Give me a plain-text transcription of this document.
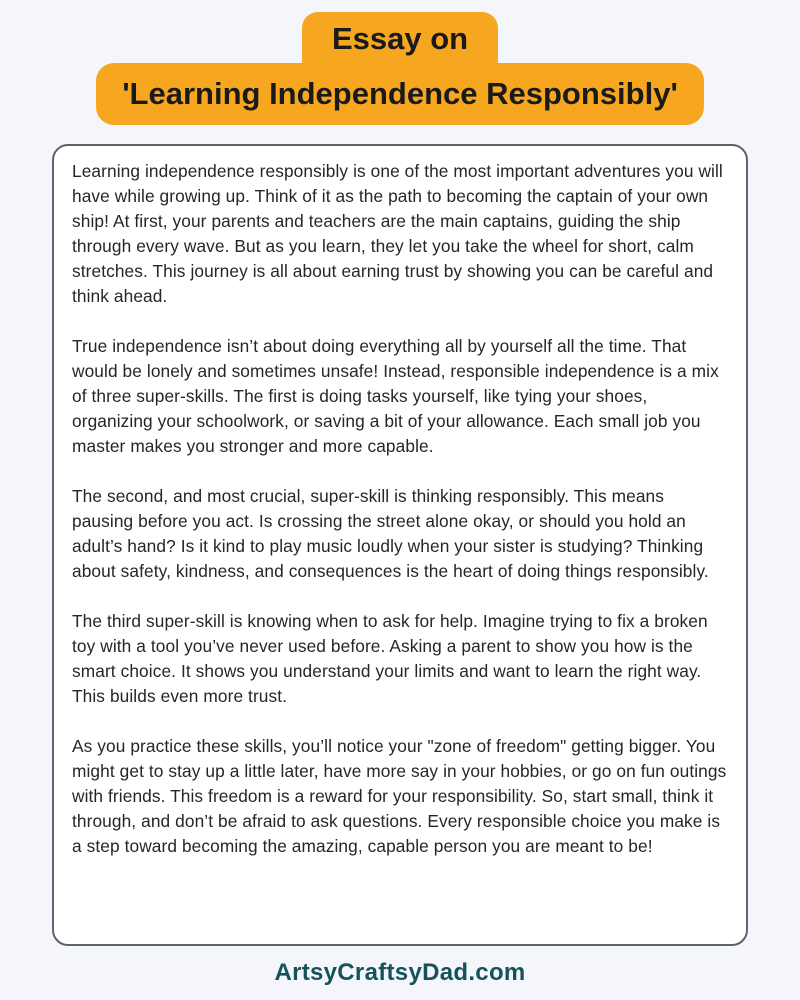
Essay on
'Learning Independence Responsibly'

Learning independence responsibly is one of the most important adventures you will have while growing up. Think of it as the path to becoming the captain of your own ship! At first, your parents and teachers are the main captains, guiding the ship through every wave. But as you learn, they let you take the wheel for short, calm stretches. This journey is all about earning trust by showing you can be careful and think ahead.

True independence isn’t about doing everything all by yourself all the time. That would be lonely and sometimes unsafe! Instead, responsible independence is a mix of three super-skills. The first is doing tasks yourself, like tying your shoes, organizing your schoolwork, or saving a bit of your allowance. Each small job you master makes you stronger and more capable.

The second, and most crucial, super-skill is thinking responsibly. This means pausing before you act. Is crossing the street alone okay, or should you hold an adult’s hand? Is it kind to play music loudly when your sister is studying? Thinking about safety, kindness, and consequences is the heart of doing things responsibly.

The third super-skill is knowing when to ask for help. Imagine trying to fix a broken toy with a tool you’ve never used before. Asking a parent to show you how is the smart choice. It shows you understand your limits and want to learn the right way. This builds even more trust.

As you practice these skills, you’ll notice your "zone of freedom" getting bigger. You might get to stay up a little later, have more say in your hobbies, or go on fun outings with friends. This freedom is a reward for your responsibility. So, start small, think it through, and don’t be afraid to ask questions. Every responsible choice you make is a step toward becoming the amazing, capable person you are meant to be!

ArtsyCraftsyDad.com
